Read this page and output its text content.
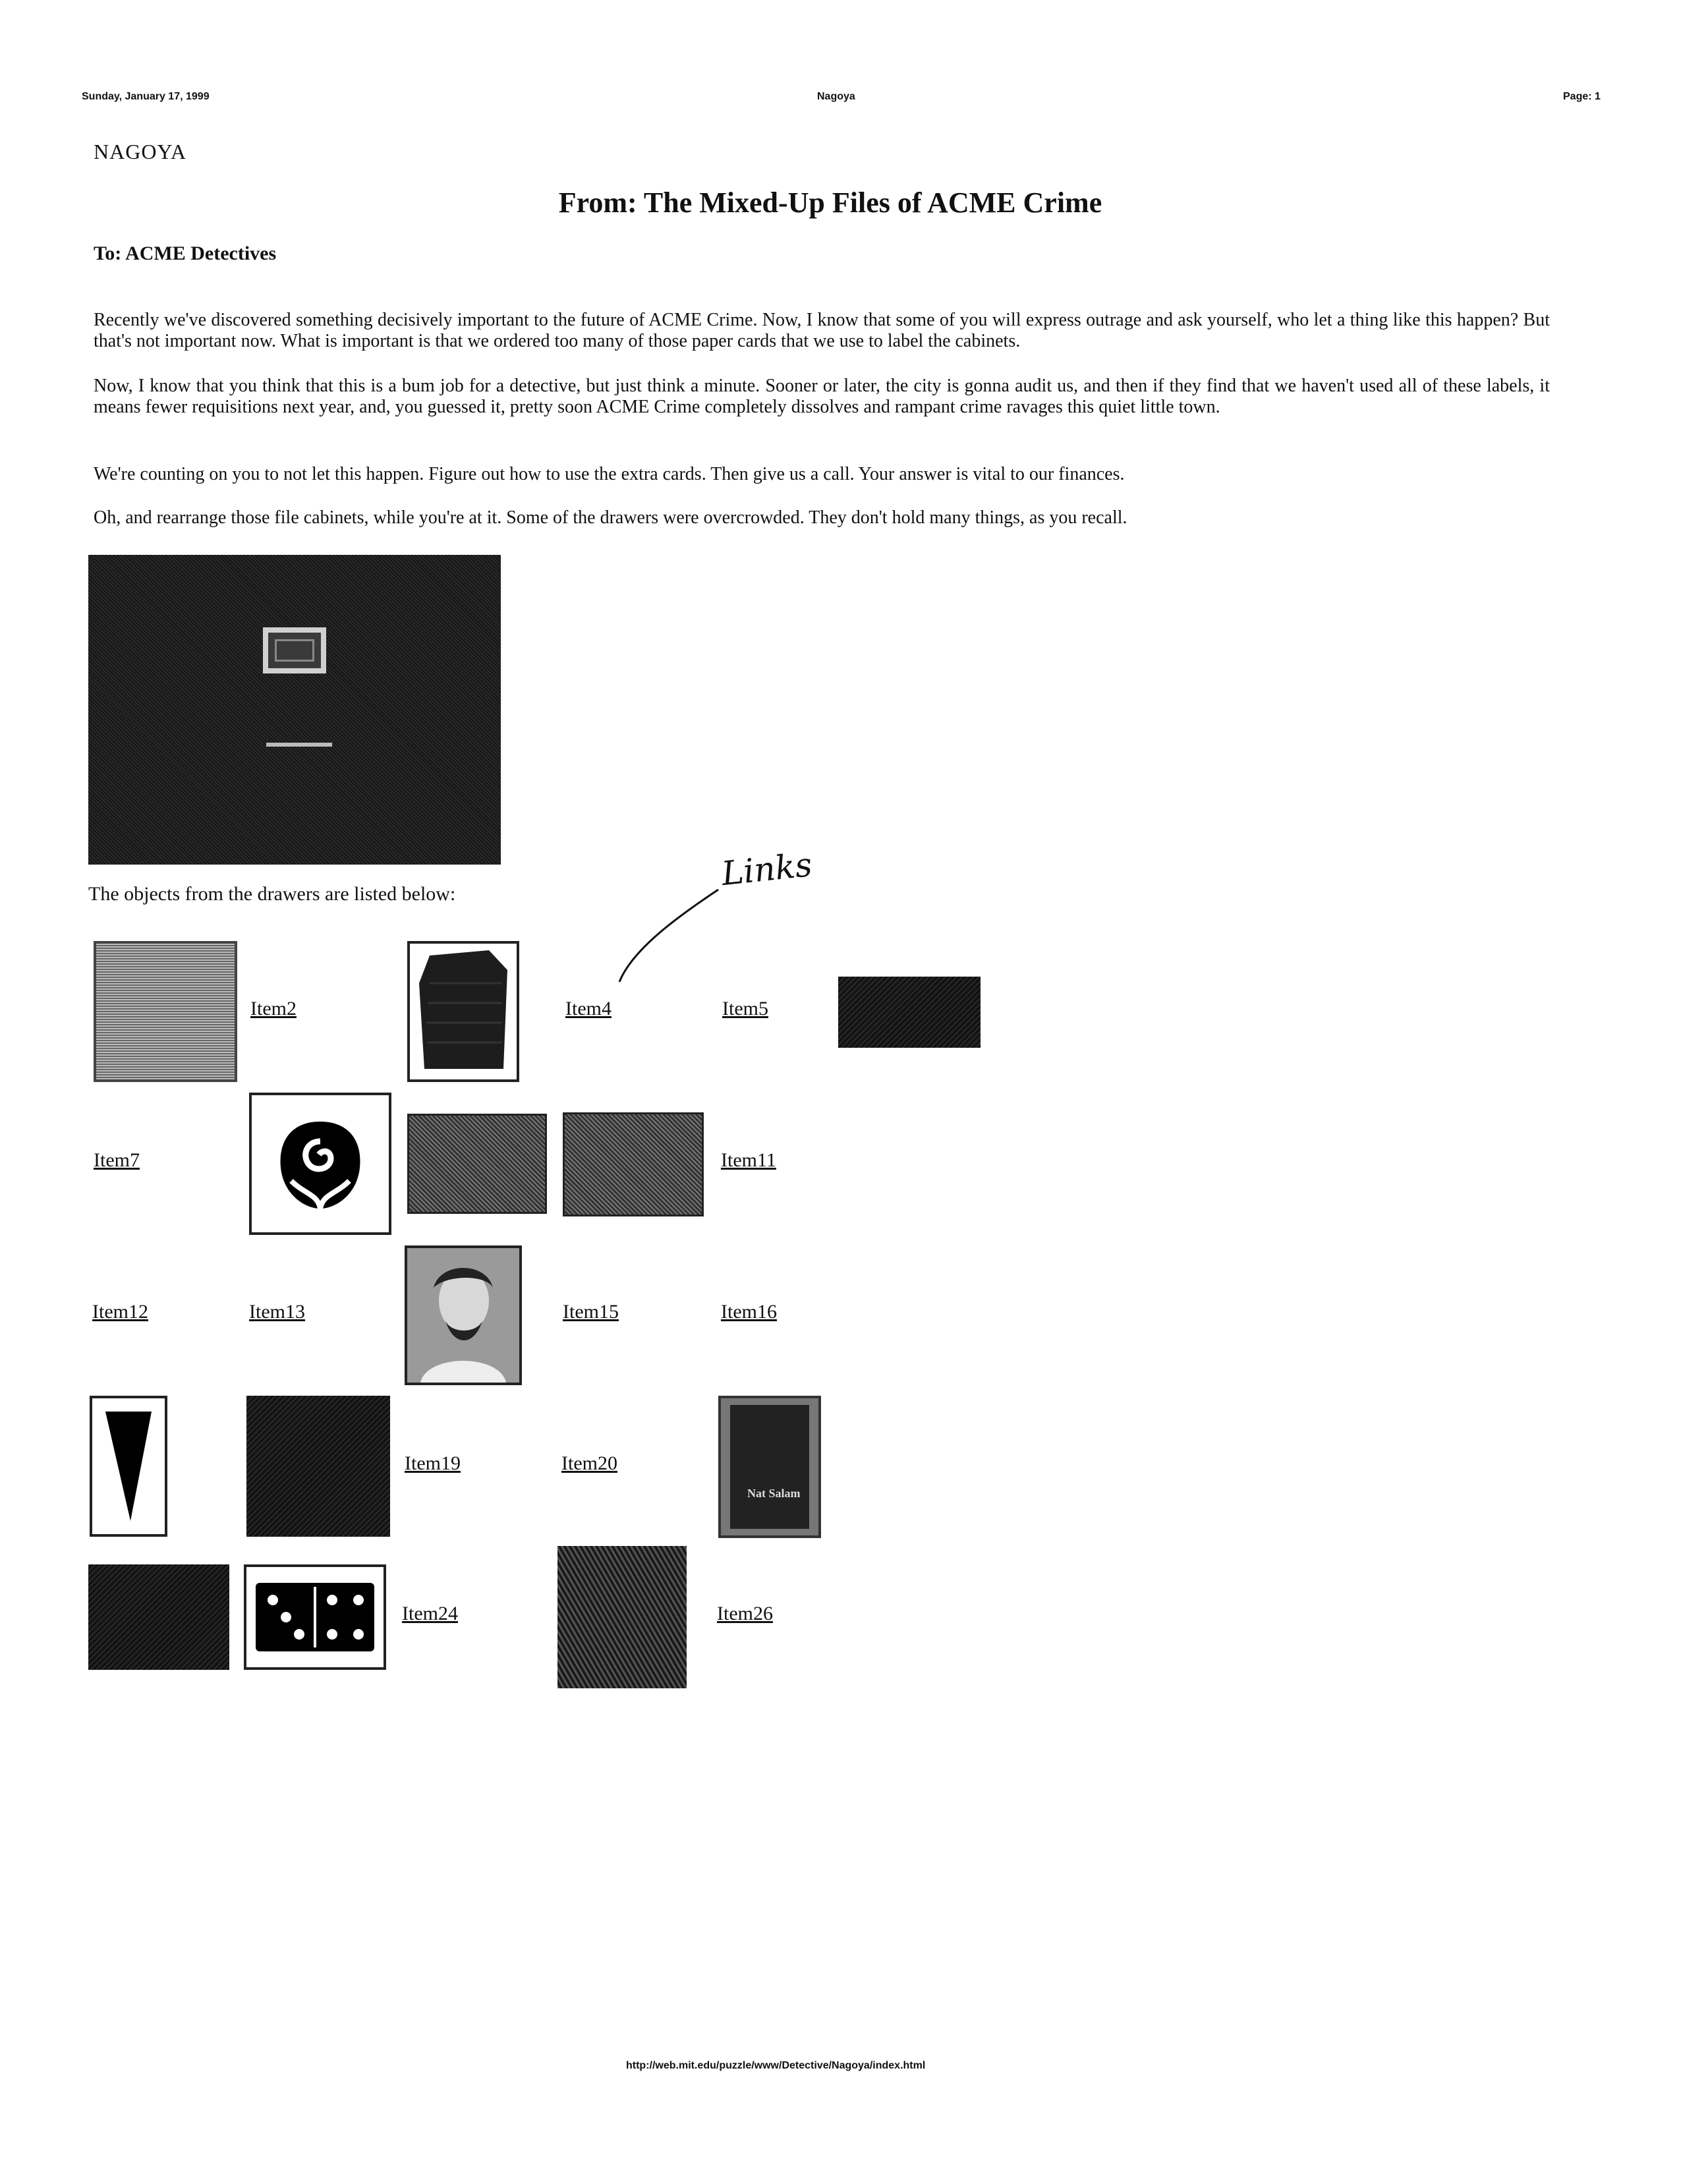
Sunday, January 17, 1999	Nagoya	Page: 1
NAGOYA
From: The Mixed-Up Files of ACME Crime
To: ACME Detectives
Recently we've discovered something decisively important to the future of ACME Crime. Now, I know that some of you will express outrage and ask yourself, who let a thing like this happen? But that's not important now. What is important is that we ordered too many of those paper cards that we use to label the cabinets.
Now, I know that you think that this is a bum job for a detective, but just think a minute. Sooner or later, the city is gonna audit us, and then if they find that we haven't used all of these labels, it means fewer requisitions next year, and, you guessed it, pretty soon ACME Crime completely dissolves and rampant crime ravages this quiet little town.
We're counting on you to not let this happen. Figure out how to use the extra cards. Then give us a call. Your answer is vital to our finances.
Oh, and rearrange those file cabinets, while you're at it. Some of the drawers were overcrowded. They don't hold many things, as you recall.
The objects from the drawers are listed below:
Links
Item2	Item4	Item5
Item7	Item11
Item12	Item13	Item15	Item16
Item19	Item20
Nat Salam
Item24	Item26
http://web.mit.edu/puzzle/www/Detective/Nagoya/index.html
